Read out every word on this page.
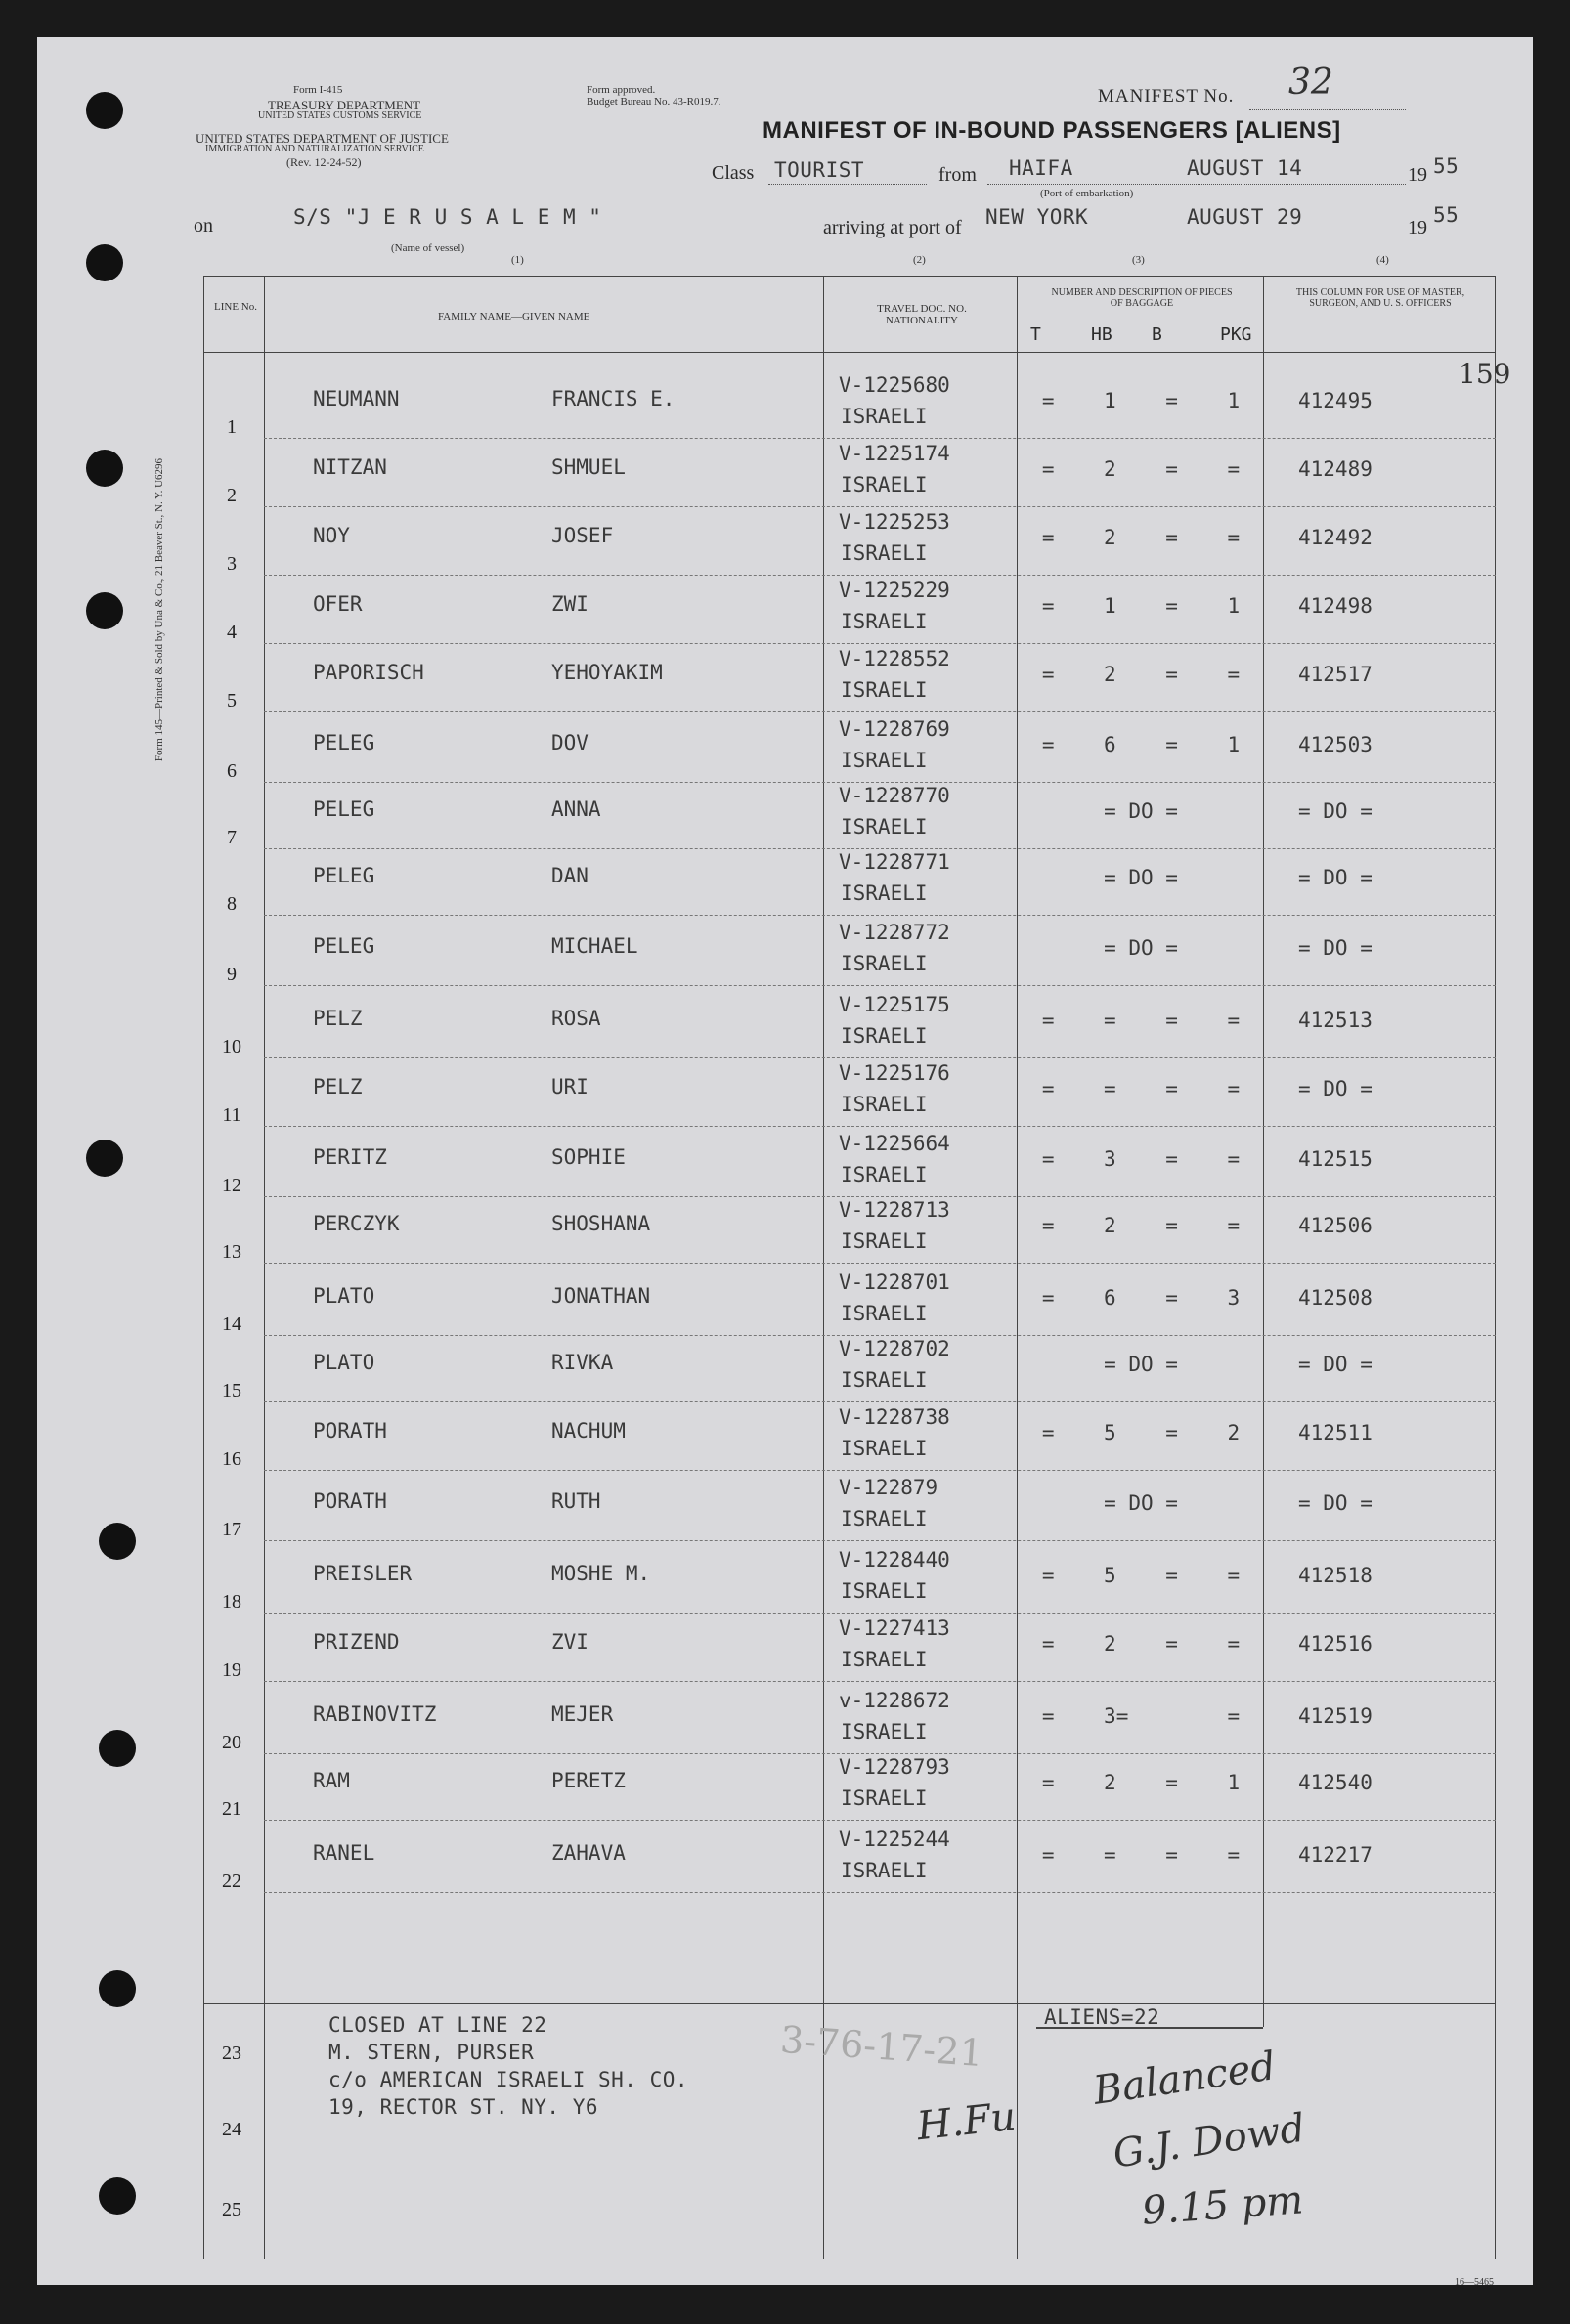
Form 145—Printed & Sold by Una & Co., 21 Beaver St., N. Y. U6296
Form I-415
TREASURY DEPARTMENT
UNITED STATES CUSTOMS SERVICE
UNITED STATES DEPARTMENT OF JUSTICE
IMMIGRATION AND NATURALIZATION SERVICE
(Rev. 12-24-52)
Form approved.
Budget Bureau No. 43-R019.7.	MANIFEST No. 32
MANIFEST OF IN-BOUND PASSENGERS [ALIENS]
Class TOURIST	from HAIFA	AUGUST 14	19 55
(Port of embarkation)
on	S/S "J E R U S A L E M "
(Name of vessel)
arriving at port of NEW YORK	AUGUST 29	19
55
(1)	(2)	(3)	(4)
LINE No.
FAMILY NAME—GIVEN NAME
TRAVEL DOC. NO. NATIONALITY
NUMBER AND DESCRIPTION OF PIECES OF BAGGAGE
T	HB B	PKG
THIS COLUMN FOR USE OF MASTER, SURGEON, AND U. S. OFFICERS
159
1
NEUMANN	FRANCIS E.
V-1225680
ISRAELI
=    1    =    1	412495
2
NITZAN	SHMUEL
V-1225174
ISRAELI
=    2    =    =	412489
3
NOY	JOSEF
V-1225253
ISRAELI
=    2    =    =	412492
4
OFER	ZWI
V-1225229
ISRAELI
=    1    =    1	412498
5
PAPORISCH	YEHOYAKIM
V-1228552
ISRAELI
=    2    =    =	412517
6
PELEG	DOV
V-1228769
ISRAELI
=    6    =    1	412503
7
PELEG	ANNA
V-1228770
ISRAELI
= DO =	= DO =
8
PELEG	DAN
V-1228771
ISRAELI
= DO =	= DO =
9
PELEG	MICHAEL
V-1228772
ISRAELI
= DO =	= DO =
10
PELZ	ROSA
V-1225175
ISRAELI
=    =    =    =	412513
11
PELZ	URI
V-1225176
ISRAELI
=    =    =    =	= DO =
12
PERITZ	SOPHIE
V-1225664
ISRAELI
=    3    =    =	412515
13
PERCZYK	SHOSHANA
V-1228713
ISRAELI
=    2    =    =	412506
14
PLATO	JONATHAN
V-1228701
ISRAELI
=    6    =    3	412508
15
PLATO	RIVKA
V-1228702
ISRAELI
= DO =	= DO =
16
PORATH	NACHUM
V-1228738
ISRAELI
=    5    =    2	412511
17
PORATH	RUTH
V-122879
ISRAELI
= DO =	= DO =
18
PREISLER	MOSHE M.
V-1228440
ISRAELI
=    5    =    =	412518
19
PRIZEND	ZVI
V-1227413
ISRAELI
=    2    =    =	412516
20
RABINOVITZ	MEJER
v-1228672
ISRAELI
=    3=        =	412519
21
RAM	PERETZ
V-1228793
ISRAELI
=    2    =    1	412540
22
RANEL	ZAHAVA
V-1225244
ISRAELI
=    =    =    =	412217
CLOSED AT LINE 22
M. STERN, PURSER
c/o AMERICAN ISRAELI SH. CO.
19, RECTOR ST. NY. Y6
ALIENS=22
3-76-17-21
23
24
25
H.Fu
Balanced
G.J. Dowd
9.15 pm
16—5465
